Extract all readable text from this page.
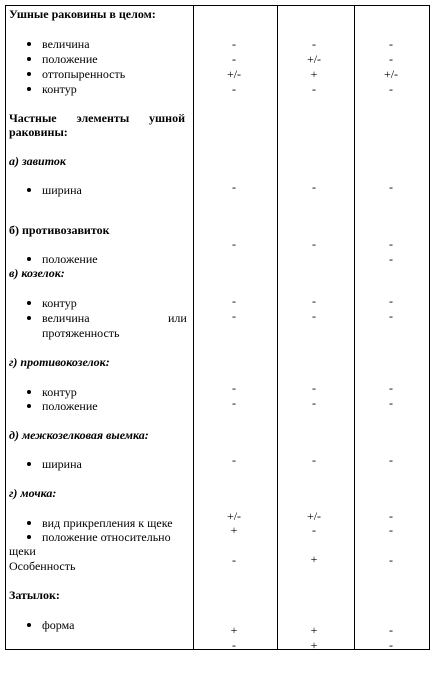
Ушные раковины в целом:
величина
положение
оттопыренность
контур
Частные элементы ушной
раковины:
а) завиток
ширина
б) противозавиток
положение
в) козелок:
контур
величина	или
протяженность
г) противокозелок:
контур
положение
д) межкозелковая выемка:
ширина
г) мочка:
вид прикрепления к щеке
положение относительно
щеки
Особенность
Затылок:
форма
-
-
+/-
-
-
-
-
-
-
-
-
+/-
+
-
+
-
-
+/-
+
-
-
-
-
-
-
-
-
+/-
-
+
+
+
-
-
+/-
-
-
-
-
-
-
-
-
-
-
-
-
-
-
